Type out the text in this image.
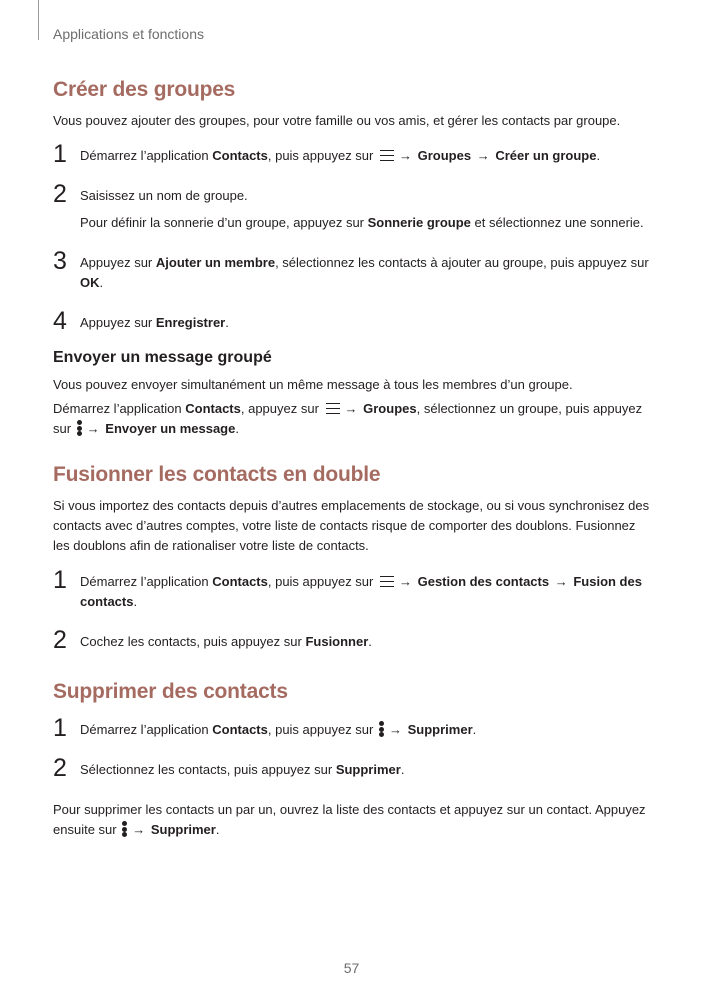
Applications et fonctions
Créer des groupes

Vous pouvez ajouter des groupes, pour votre famille ou vos amis, et gérer les contacts par groupe.

1 Démarrez l’application Contacts, puis appuyez sur
→ Groupes → Créer un groupe.
2 Saisissez un nom de groupe.
Pour définir la sonnerie d’un groupe, appuyez sur Sonnerie groupe et sélectionnez une sonnerie.
3 Appuyez sur Ajouter un membre, sélectionnez les contacts à ajouter au groupe, puis appuyez sur OK.
4 Appuyez sur Enregistrer.
Envoyer un message groupé

Vous pouvez envoyer simultanément un même message à tous les membres d’un groupe.

Démarrez l’application Contacts, appuyez sur
→ Groupes, sélectionnez un groupe, puis appuyez sur
→ Envoyer un message.

Fusionner les contacts en double

Si vous importez des contacts depuis d’autres emplacements de stockage, ou si vous synchronisez des contacts avec d’autres comptes, votre liste de contacts risque de comporter des doublons. Fusionnez les doublons afin de rationaliser votre liste de contacts.

1 Démarrez l’application Contacts, puis appuyez sur
→ Gestion des contacts → Fusion des contacts.
2 Cochez les contacts, puis appuyez sur Fusionner.
Supprimer des contacts
1 Démarrez l’application Contacts, puis appuyez sur
→ Supprimer.
2 Sélectionnez les contacts, puis appuyez sur Supprimer.

Pour supprimer les contacts un par un, ouvrez la liste des contacts et appuyez sur un contact. Appuyez ensuite sur
→ Supprimer.

57
